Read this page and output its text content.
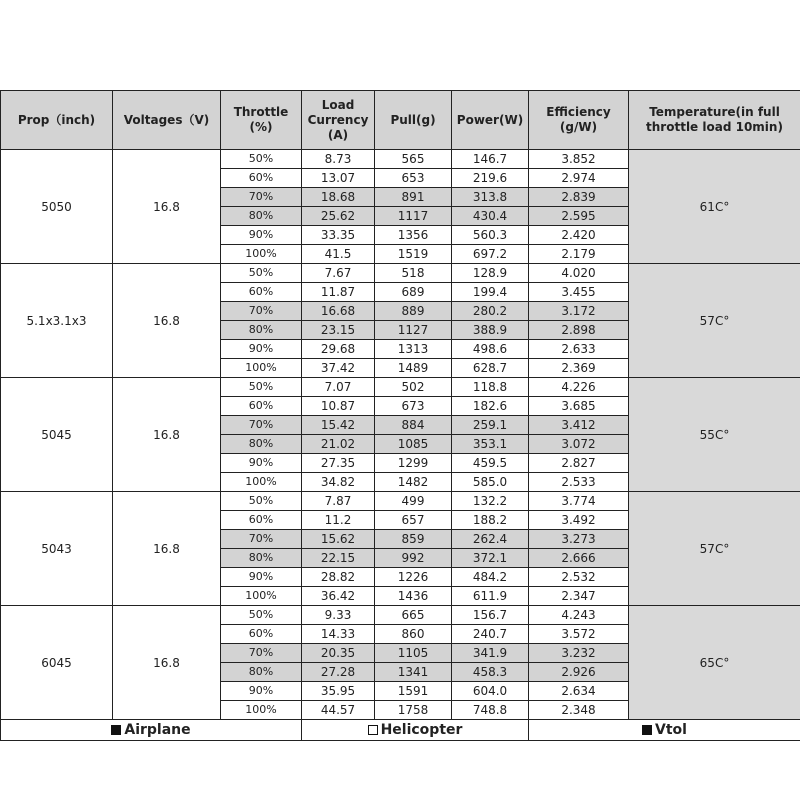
Prop（inch)	Voltages（V)	Throttle (%)	Load Currency (A)	Pull(g)	Power(W)	Efficiency (g/W)	Temperature(in full throttle load 10min)
5050	16.8	50%	8.73	565	146.7	3.852	61C°
		60%	13.07	653	219.6	2.974	
		70%	18.68	891	313.8	2.839	
		80%	25.62	1117	430.4	2.595	
		90%	33.35	1356	560.3	2.420	
		100%	41.5	1519	697.2	2.179	
5.1x3.1x3	16.8	50%	7.67	518	128.9	4.020	57C°
		60%	11.87	689	199.4	3.455	
		70%	16.68	889	280.2	3.172	
		80%	23.15	1127	388.9	2.898	
		90%	29.68	1313	498.6	2.633	
		100%	37.42	1489	628.7	2.369	
5045	16.8	50%	7.07	502	118.8	4.226	55C°
		60%	10.87	673	182.6	3.685	
		70%	15.42	884	259.1	3.412	
		80%	21.02	1085	353.1	3.072	
		90%	27.35	1299	459.5	2.827	
		100%	34.82	1482	585.0	2.533	
5043	16.8	50%	7.87	499	132.2	3.774	57C°
		60%	11.2	657	188.2	3.492	
		70%	15.62	859	262.4	3.273	
		80%	22.15	992	372.1	2.666	
		90%	28.82	1226	484.2	2.532	
		100%	36.42	1436	611.9	2.347	
6045	16.8	50%	9.33	665	156.7	4.243	65C°
		60%	14.33	860	240.7	3.572	
		70%	20.35	1105	341.9	3.232	
		80%	27.28	1341	458.3	2.926	
		90%	35.95	1591	604.0	2.634	
		100%	44.57	1758	748.8	2.348	
Airplane			Helicopter			Vtol	
